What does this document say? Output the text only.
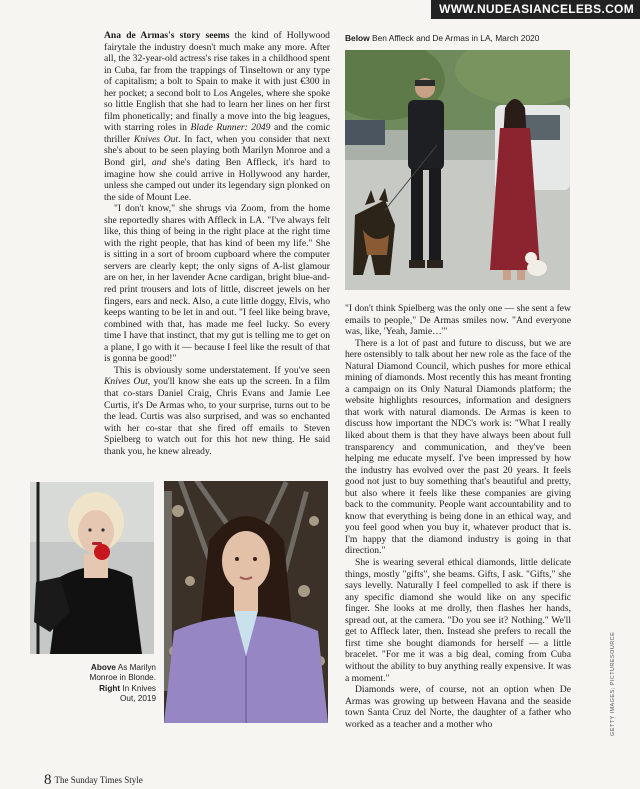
WWW.NUDEASIANCELEBS.COM

Ana de Armas's story seems the kind of Hollywood fairytale the industry doesn't much make any more. After all, the 32-year-old actress's rise takes in a childhood spent in Cuba, far from the trappings of Tinseltown or any type of capitalism; a bolt to Spain to make it with just €300 in her pocket; a second bolt to Los Angeles, where she spoke so little English that she had to learn her lines on her first film phonetically; and finally a move into the big leagues, with starring roles in Blade Runner: 2049 and the comic thriller Knives Out. In fact, when you consider that next she's about to be seen playing both Marilyn Monroe and a Bond girl, and she's dating Ben Affleck, it's hard to imagine how she could arrive in Hollywood any harder, unless she camped out under its legendary sign plonked on the side of Mount Lee.

"I don't know," she shrugs via Zoom, from the home she reportedly shares with Affleck in LA. "I've always felt like, this thing of being in the right place at the right time with the right people, that has kind of been my life." She is sitting in a sort of broom cupboard where the computer servers are clearly kept; the only signs of A-list glamour are on her, in her lavender Acne cardigan, bright blue-and-red print trousers and lots of little, discreet jewels on her fingers, ears and neck. Also, a cute little doggy, Elvis, who keeps wanting to be let in and out. "I feel like being brave, combined with that, has made me feel lucky. So every time I have that instinct, that my gut is telling me to get on a plane, I go with it — because I feel like the result of that is gonna be good!"

This is obviously some understatement. If you've seen Knives Out, you'll know she eats up the screen. In a film that co-stars Daniel Craig, Chris Evans and Jamie Lee Curtis, it's De Armas who, to your surprise, turns out to be the lead. Curtis was also surprised, and was so enchanted with her co-star that she fired off emails to Steven Spielberg to watch out for this hot new thing. He said thank you, he knew already.

Below Ben Affleck and De Armas in LA, March 2020

"I don't think Spielberg was the only one — she sent a few emails to people," De Armas smiles now. "And everyone was, like, 'Yeah, Jamie…'"

There is a lot of past and future to discuss, but we are here ostensibly to talk about her new role as the face of the Natural Diamond Council, which pushes for more ethical mining of diamonds. Most recently this has meant fronting a campaign on its Only Natural Diamonds platform; the website highlights resources, information and designers that work with natural diamonds. De Armas is keen to discuss how important the NDC's work is: "What I really liked about them is that they have always been about full transparency and communication, and they've been helping me educate myself. I've been impressed by how the industry has evolved over the past 20 years. It feels good not just to buy something that's beautiful and pretty, but also where it feels like these companies are giving back to the community. People want accountability and to know that everything is being done in an ethical way, and you feel good when you buy it, whatever product that is. I'm happy that the diamond industry is going in that direction."

She is wearing several ethical diamonds, little delicate things, mostly "gifts", she beams. Gifts, I ask. "Gifts," she says levelly. Naturally I feel compelled to ask if there is any specific diamond she would like on any specific finger. She looks at me drolly, then flashes her hands, spread out, at the camera. "Do you see it? Nothing." We'll get to Affleck later, then. Instead she prefers to recall the first time she bought diamonds for herself — a little bracelet. "For me it was a big deal, coming from Cuba without the ability to buy anything really expensive. It was a moment."

Diamonds were, of course, not an option when De Armas was growing up between Havana and the seaside town Santa Cruz del Norte, the daughter of a father who worked as a teacher and a mother who

Above As Marilyn Monroe in Blonde. Right In Knives Out, 2019	GETTY IMAGES; PICTURESOURCE
8 The Sunday Times Style
